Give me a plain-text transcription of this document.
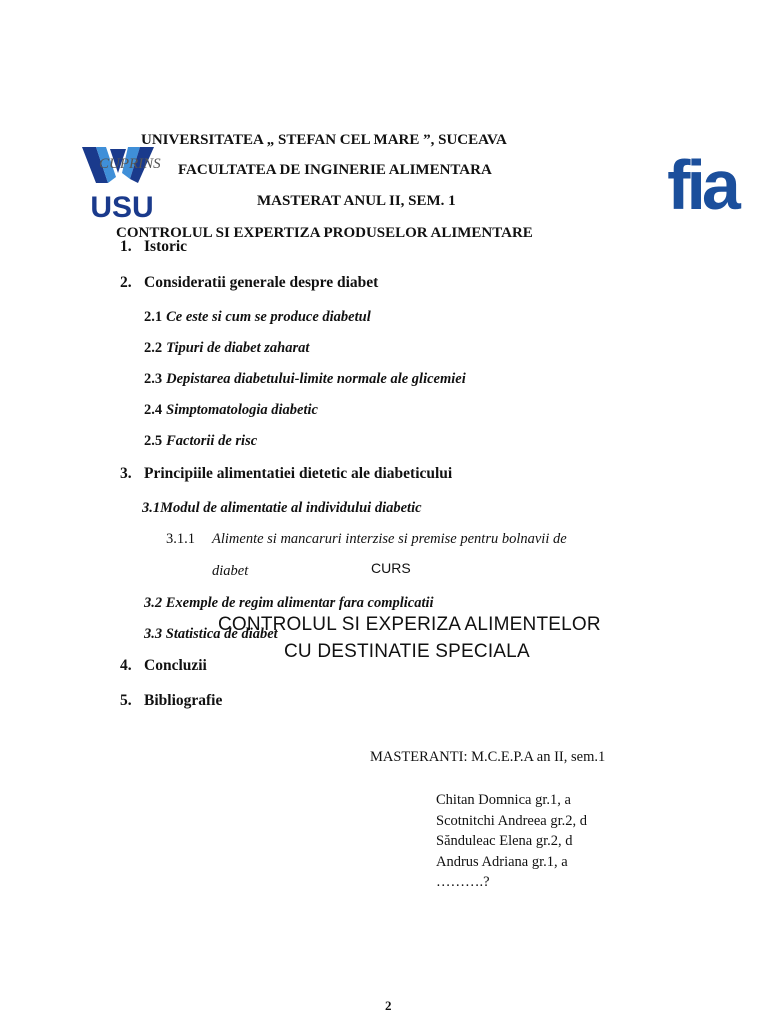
USU	fia
UNIVERSITATEA „ STEFAN CEL MARE ”, SUCEAVA
CUPRINS FACULTATEA DE INGINERIE ALIMENTARA
MASTERAT ANUL II, SEM. 1
CONTROLUL SI EXPERTIZA PRODUSELOR ALIMENTARE
1. Istoric
2. Consideratii generale despre diabet
2.1 Ce este si cum se produce diabetul
2.2 Tipuri de diabet zaharat
2.3 Depistarea diabetului-limite normale ale glicemiei
2.4 Simptomatologia diabetic
2.5 Factorii de risc
3. Principiile alimentatiei dietetic ale diabeticului
3.1Modul de alimentatie al individului diabetic
3.1.1 Alimente si mancaruri interzise si premise pentru bolnavii de
diabet
3.2 Exemple de regim alimentar fara complicatii
3.3 Statistica de diabet
4. Concluzii
5. Bibliografie
CURS
CONTROLUL SI EXPERIZA ALIMENTELOR
CU DESTINATIE SPECIALA
MASTERANTI: M.C.E.P.A an II, sem.1
Chitan Domnica gr.1, a
Scotnitchi Andreea gr.2, d
Sănduleac Elena gr.2, d
Andrus Adriana gr.1, a
……….?
2
